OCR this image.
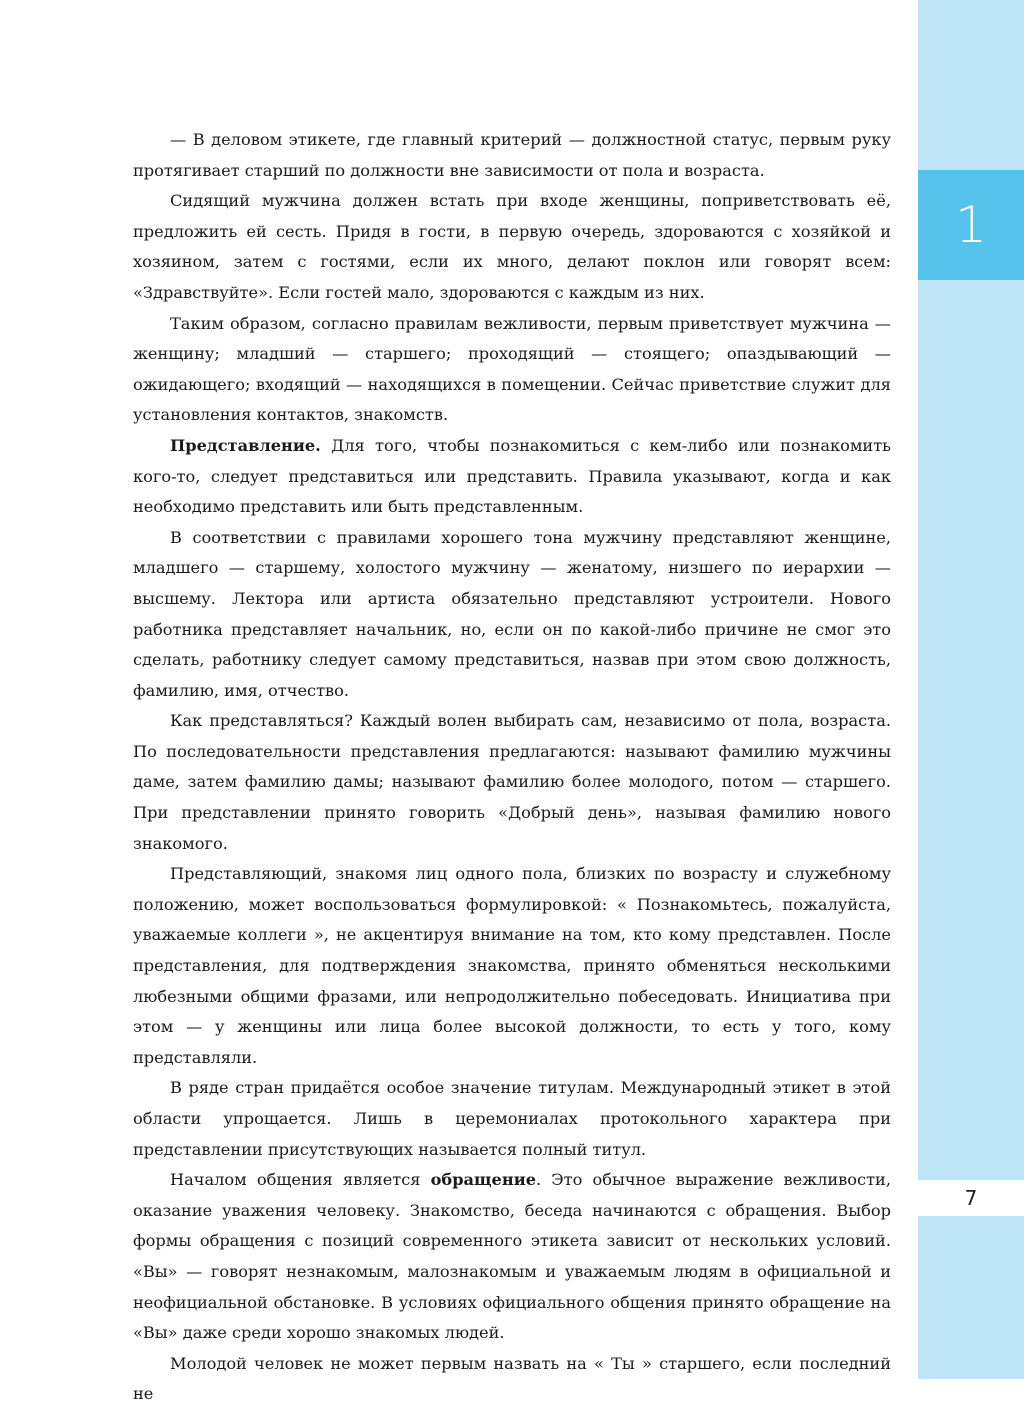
1
7

— В деловом этикете, где главный критерий — должностной статус, первым руку протягивает старший по должности вне зависимости от пола и возраста.

Сидящий мужчина должен встать при входе женщины, поприветствовать её, предложить ей сесть. Придя в гости, в первую очередь, здороваются с хозяйкой и хозяином, затем с гостями, если их много, делают поклон или говорят всем: «Здравствуйте». Если гостей мало, здороваются с каждым из них.

Таким образом, согласно правилам вежливости, первым приветствует мужчина — женщину; младший — старшего; проходящий — стоящего; опаздывающий — ожидающего; входящий — находящихся в помещении. Сейчас приветствие служит для установления контактов, знакомств.

Представление. Для того, чтобы познакомиться с кем-либо или познакомить кого-то, следует представиться или представить. Правила указывают, когда и как необходимо представить или быть представленным.

В соответствии с правилами хорошего тона мужчину представляют женщине, младшего — старшему, холостого мужчину — женатому, низшего по иерархии — высшему. Лектора или артиста обязательно представляют устроители. Нового работника представляет начальник, но, если он по какой-либо причине не смог это сделать, работнику следует самому представиться, назвав при этом свою должность, фамилию, имя, отчество.

Как представляться? Каждый волен выбирать сам, независимо от пола, возраста. По последовательности представления предлагаются: называют фамилию мужчины даме, затем фамилию дамы; называют фамилию более молодого, потом — старшего. При представлении принято говорить «Добрый день», называя фамилию нового знакомого.

Представляющий, знакомя лиц одного пола, близких по возрасту и служебному положению, может воспользоваться формулировкой: « Познакомьтесь, пожалуйста, уважаемые коллеги », не акцентируя внимание на том, кто кому представлен. После представления, для подтверждения знакомства, принято обменяться несколькими любезными общими фразами, или непродолжительно побеседовать. Инициатива при этом — у женщины или лица более высокой должности, то есть у того, кому представляли.

В ряде стран придаётся особое значение титулам. Международный этикет в этой области упрощается. Лишь в церемониалах протокольного характера при представлении присутствующих называется полный титул.

Началом общения является обращение. Это обычное выражение вежливости, оказание уважения человеку. Знакомство, беседа начинаются с обращения. Выбор формы обращения с позиций современного этикета зависит от нескольких условий. «Вы» — говорят незнакомым, малознакомым и уважаемым людям в официальной и неофициальной обстановке. В условиях официального общения принято обращение на «Вы» даже среди хорошо знакомых людей.

Молодой человек не может первым назвать на « Ты » старшего, если последний не
